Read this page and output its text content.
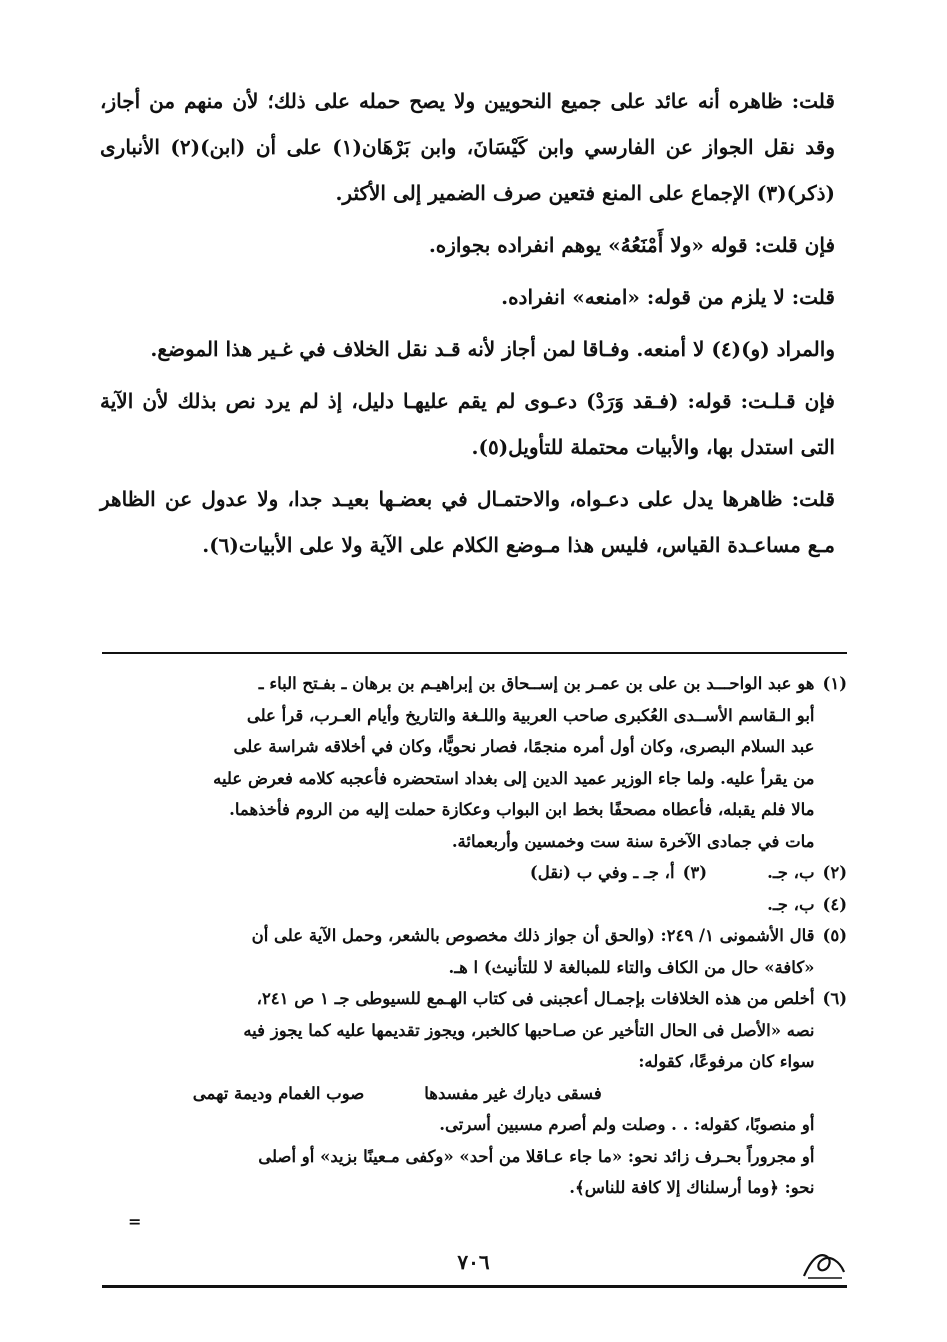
قلت: ظاهره أنه عائد على جميع النحويين ولا يصح حمله على ذلك؛ لأن منهم من أجاز، وقد نقل الجواز عن الفارسي وابن كَيْسَانَ، وابن بَرْهَان(١) على أن (ابن)(٢) الأنبارى (ذكر)(٣) الإجماع على المنع فتعين صرف الضمير إلى الأكثر.

فإن قلت: قوله «ولا أَمْنَعُهُ» يوهم انفراده بجوازه.

قلت: لا يلزم من قوله: «امنعه» انفراده.

والمراد (و)(٤) لا أمنعه. وفـاقا لمن أجاز لأنه قـد نقل الخلاف في غـير هذا الموضع.

فإن قـلـت: قوله: (فـقد وَرَدْ) دعـوى لم يقم عليهـا دليل، إذ لم يرد نص بذلك لأن الآية التى استدل بها، والأبيات محتملة للتأويل(٥).

قلت: ظاهرها يدل على دعـواه، والاحتمـال في بعضـها بعيـد جدا، ولا عدول عن الظاهر مـع مساعـدة القياس، فليس هذا مـوضع الكلام على الآية ولا على الأبيات(٦).

(١)
هو عبد الواحـــد بن على بن عمـر بن إســحاق بن إبراهيـم بن برهان ـ بفـتح الباء ـ
أبو الـقاسم الأســدى العُكبرى صاحب العربية واللـغة والتاريخ وأيام العـرب، قرأ على
عبد السلام البصرى، وكان أول أمره منجمًا، فصار نحويًّا، وكان في أخلاقه شراسة على
من يقرأ عليه. ولما جاء الوزير عميد الدين إلى بغداد استحضره فأعجبه كلامه فعرض عليه
مالا فلم يقبله، فأعطاه مصحفًا بخط ابن البواب وعكازة حملت إليه من الروم فأخذهما.
مات في جمادى الآخرة سنة ست وخمسين وأربعمائة.
(٢)
ب، جـ.
(٣)
أ، جـ ـ وفي ب (نقل)
(٤)
ب، جـ.
(٥)
قال الأشمونى ١/ ٢٤٩: (والحق أن جواز ذلك مخصوص بالشعر، وحمل الآية على أن
«كافة» حال من الكاف والتاء للمبالغة لا للتأنيث) ا هـ.
(٦)
أخلص من هذه الخلافات بإجمـال أعجبنى فى كتاب الهـمع للسيوطى جـ ١ ص ٢٤١،
نصه «الأصل فى الحال التأخير عن صـاحبها كالخبر، ويجوز تقديمها عليه كما يجوز فيه
سواء كان مرفوعًا، كقوله:
فسقى ديارك غير مفسدها
صوب الغمام وديمة تهمى
أو منصوبًا، كقوله: . . وصلت ولم أصرم مسبين أسرتى.
أو مجروراً بحـرف زائد نحو: «ما جاء عـاقلا من أحد» «وكفى مـعينًا بزيد» أو أصلى
نحو: ﴿وما أرسلناك إلا كافة للناس﴾.
=
٧٠٦
